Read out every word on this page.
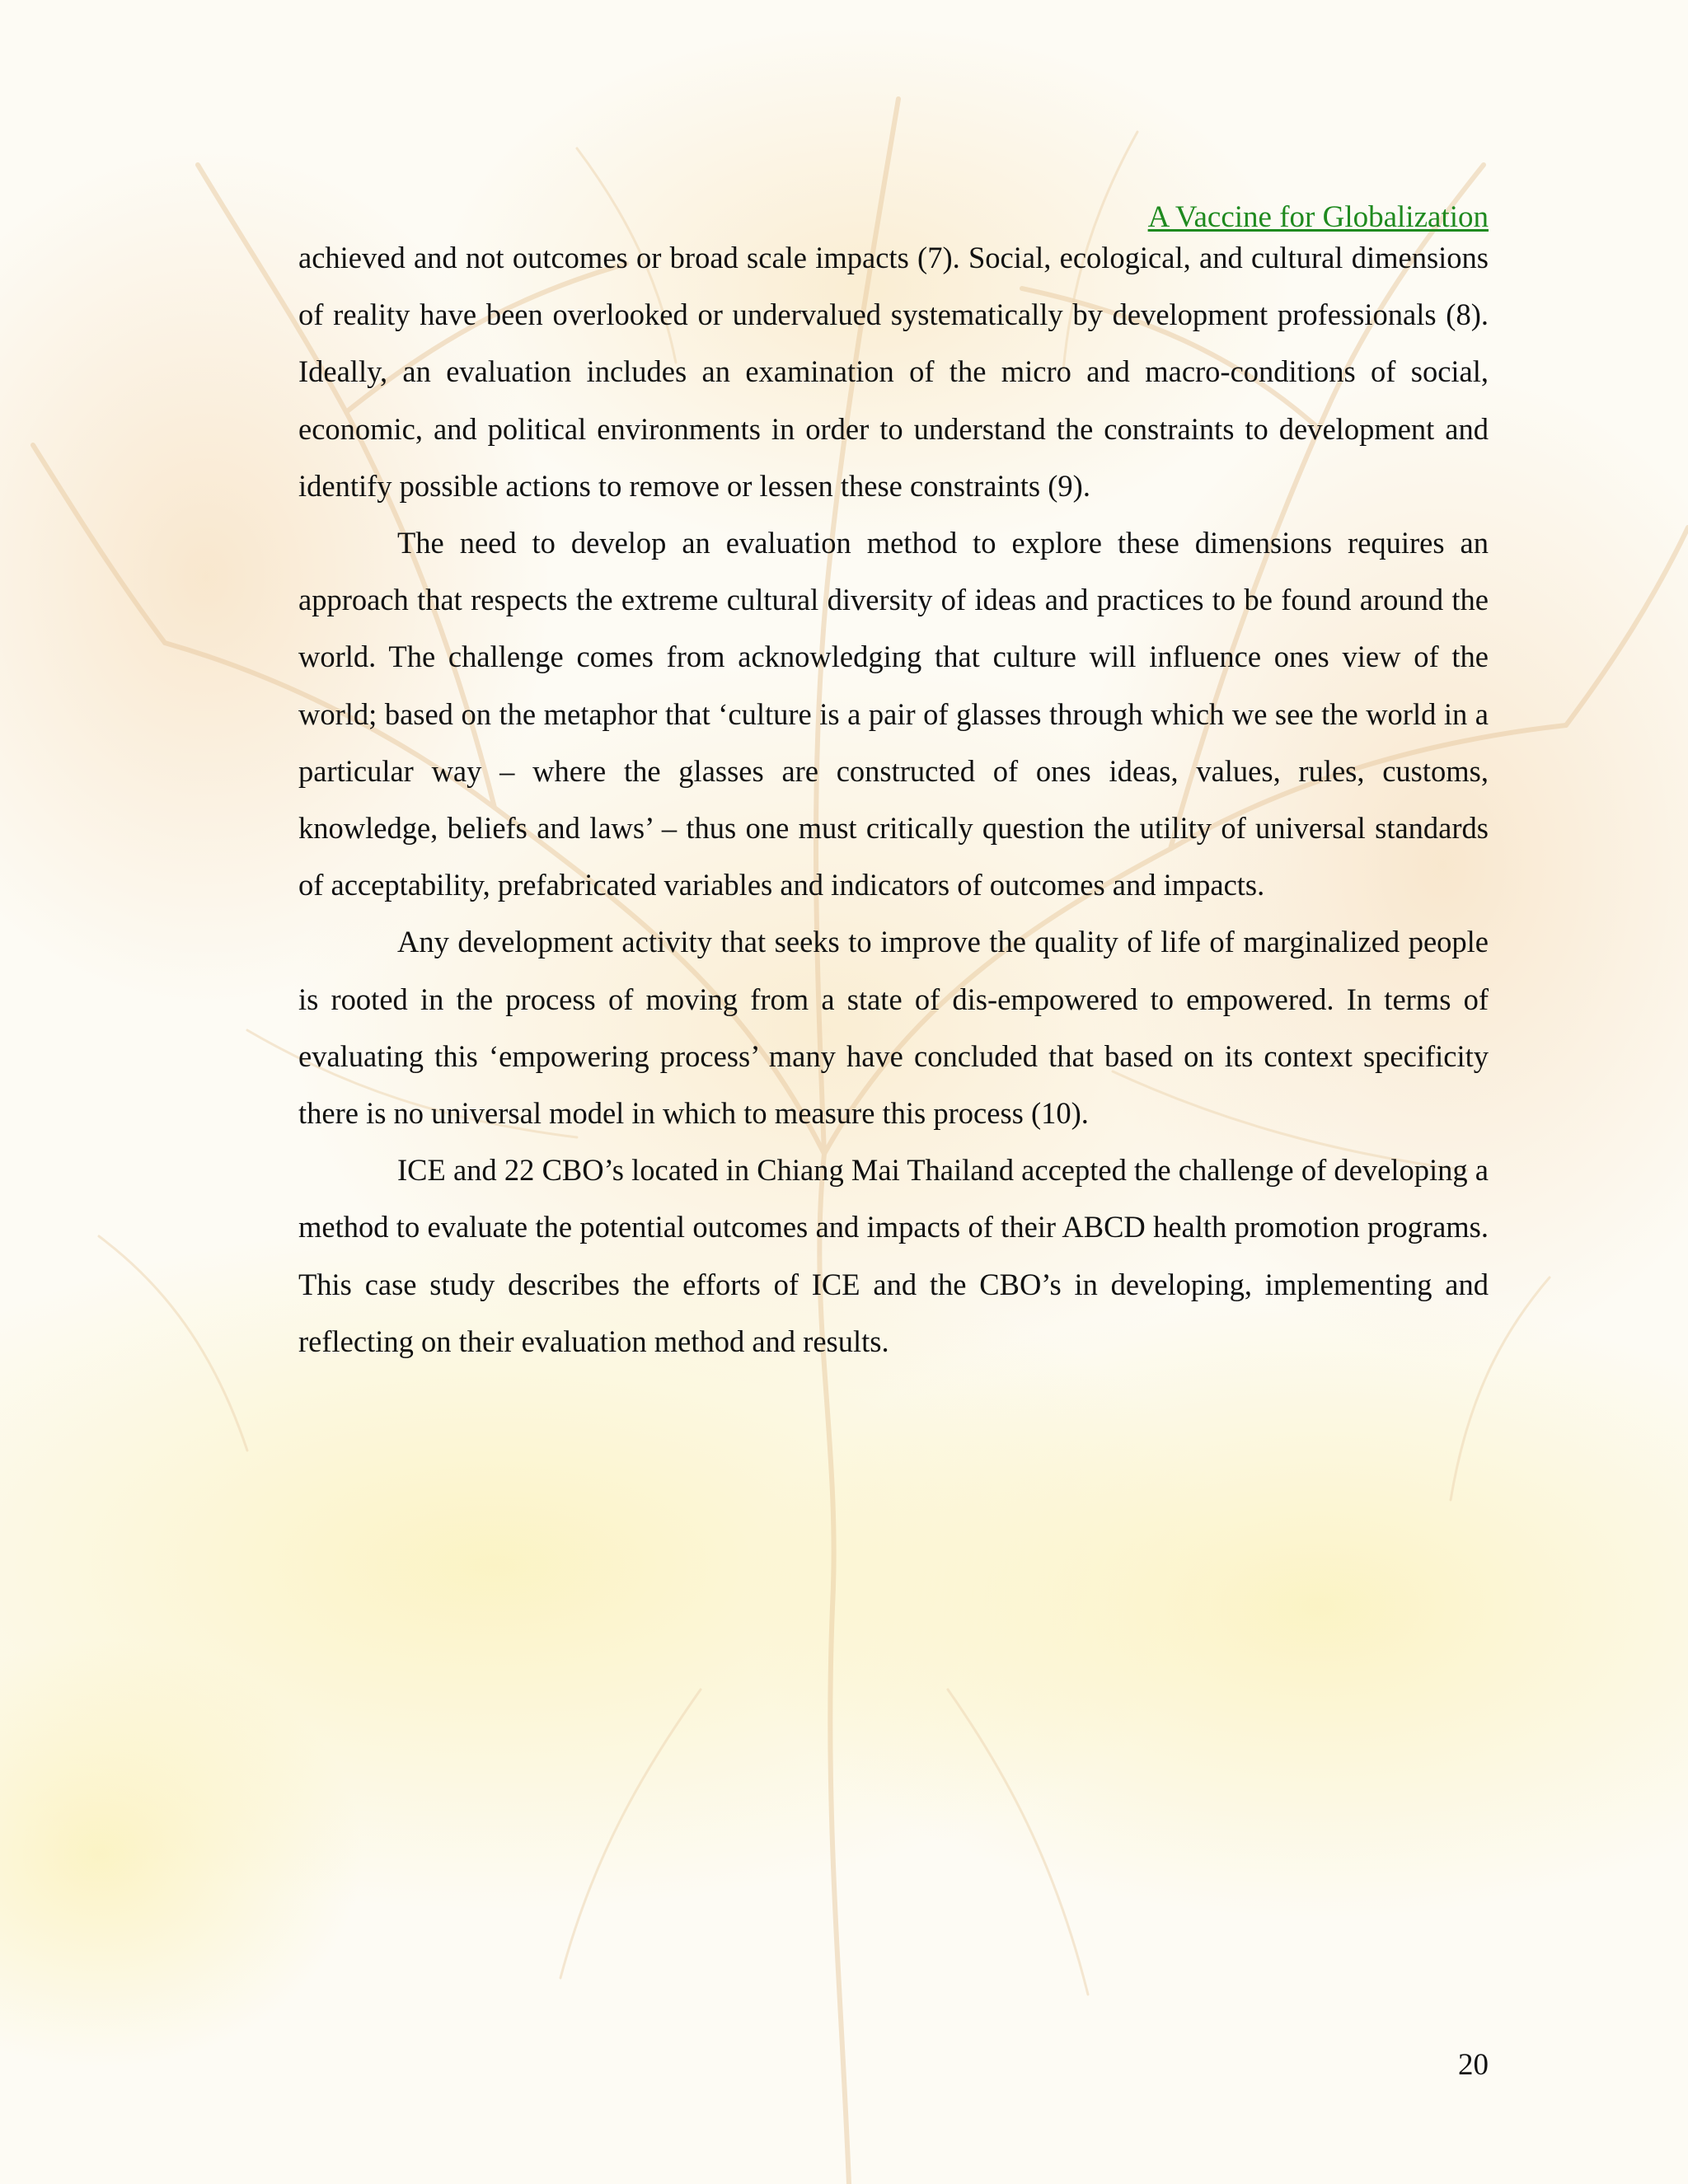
A Vaccine for Globalization

achieved and not outcomes or broad scale impacts (7). Social, ecological, and cultural dimensions of reality have been overlooked or undervalued systematically by development professionals (8). Ideally, an evaluation includes an examination of the micro and macro-conditions of social, economic, and political environments in order to understand the constraints to development and identify possible actions to remove or lessen these constraints (9).

The need to develop an evaluation method to explore these dimensions requires an approach that respects the extreme cultural diversity of ideas and practices to be found around the world. The challenge comes from acknowledging that culture will influence ones view of the world; based on the metaphor that ‘culture is a pair of glasses through which we see the world in a particular way – where the glasses are constructed of ones ideas, values, rules, customs, knowledge, beliefs and laws’ – thus one must critically question the utility of universal standards of acceptability, prefabricated variables and indicators of outcomes and impacts.

Any development activity that seeks to improve the quality of life of marginalized people is rooted in the process of moving from a state of dis-empowered to empowered. In terms of evaluating this ‘empowering process’ many have concluded that based on its context specificity there is no universal model in which to measure this process (10).

ICE and 22 CBO’s located in Chiang Mai Thailand accepted the challenge of developing a method to evaluate the potential outcomes and impacts of their ABCD health promotion programs. This case study describes the efforts of ICE and the CBO’s in developing, implementing and reflecting on their evaluation method and results.

20
